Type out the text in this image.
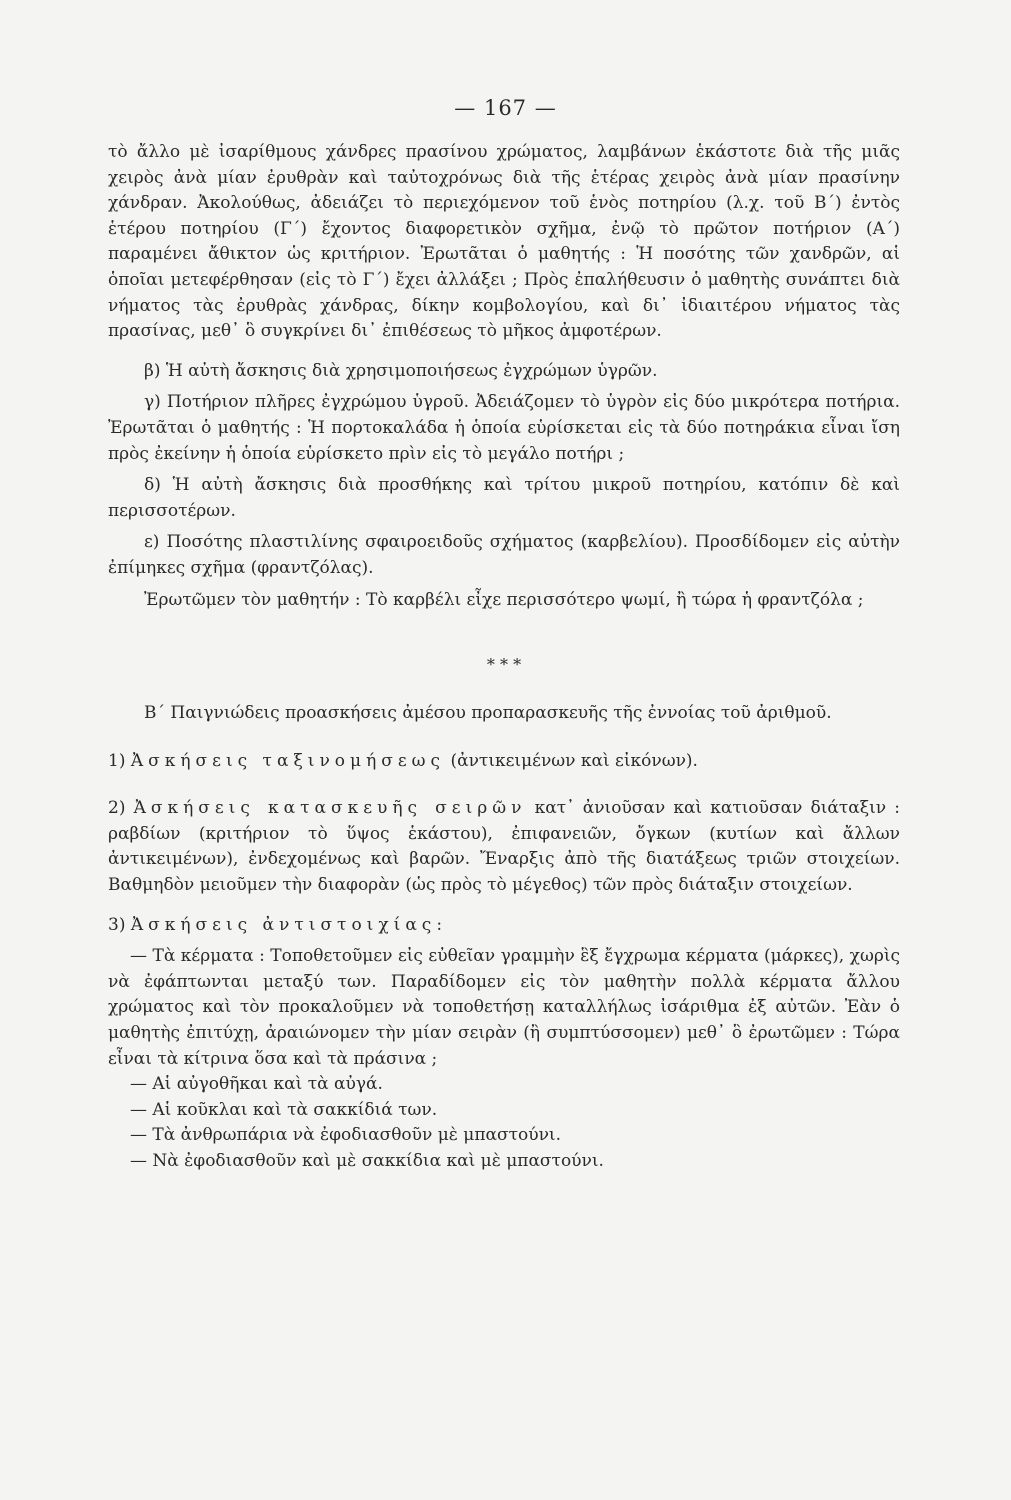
— 167 —

τὸ ἄλλο μὲ ἰσαρίθμους χάνδρες πρασίνου χρώματος, λαμβάνων ἑκάστοτε διὰ τῆς μιᾶς χειρὸς ἀνὰ μίαν ἐρυθρὰν καὶ ταὐτοχρόνως διὰ τῆς ἑτέρας χειρὸς ἀνὰ μίαν πρασίνην χάνδραν. Ἀκολούθως, ἀδειάζει τὸ περιεχόμενον τοῦ ἑνὸς ποτηρίου (λ.χ. τοῦ Β΄) ἐντὸς ἑτέρου ποτηρίου (Γ΄) ἔχοντος διαφορετικὸν σχῆμα, ἐνῷ τὸ πρῶτον ποτήριον (Α΄) παραμένει ἄθικτον ὡς κριτήριον. Ἐρωτᾶται ὁ μαθητής : Ἡ ποσότης τῶν χανδρῶν, αἱ ὁποῖαι μετεφέρθησαν (εἰς τὸ Γ΄) ἔχει ἀλλάξει ; Πρὸς ἐπαλήθευσιν ὁ μαθητὴς συνάπτει διὰ νήματος τὰς ἐρυθρὰς χάνδρας, δίκην κομβολογίου, καὶ δι᾽ ἰδιαιτέρου νήματος τὰς πρασίνας, μεθ᾽ ὃ συγκρίνει δι᾽ ἐπιθέσεως τὸ μῆκος ἀμφοτέρων.

β) Ἡ αὐτὴ ἄσκησις διὰ χρησιμοποιήσεως ἐγχρώμων ὑγρῶν.

γ) Ποτήριον πλῆρες ἐγχρώμου ὑγροῦ. Ἀδειάζομεν τὸ ὑγρὸν εἰς δύο μικρότερα ποτήρια. Ἐρωτᾶται ὁ μαθητής : Ἡ πορτοκαλάδα ἡ ὁποία εὑρίσκεται εἰς τὰ δύο ποτηράκια εἶναι ἴση πρὸς ἐκείνην ἡ ὁποία εὑρίσκετο πρὶν εἰς τὸ μεγάλο ποτήρι ;

δ) Ἡ αὐτὴ ἄσκησις διὰ προσθήκης καὶ τρίτου μικροῦ ποτηρίου, κατόπιν δὲ καὶ περισσοτέρων.

ε) Ποσότης πλαστιλίνης σφαιροειδοῦς σχήματος (καρβελίου). Προσδίδομεν εἰς αὐτὴν ἐπίμηκες σχῆμα (φραντζόλας).

Ἐρωτῶμεν τὸν μαθητήν : Τὸ καρβέλι εἶχε περισσότερο ψωμί, ἢ τώρα ἡ φραντζόλα ;

* * *

Β΄ Παιγνιώδεις προασκήσεις ἀμέσου προπαρασκευῆς τῆς ἐννοίας τοῦ ἀριθμοῦ.

1) Ἀσκήσεις ταξινομήσεως (ἀντικειμένων καὶ εἰκόνων).

2) Ἀσκήσεις κατασκευῆς σειρῶν κατ᾽ ἀνιοῦσαν καὶ κατιοῦσαν διάταξιν : ραβδίων (κριτήριον τὸ ὕψος ἑκάστου), ἐπιφανειῶν, ὄγκων (κυτίων καὶ ἄλλων ἀντικειμένων), ἐνδεχομένως καὶ βαρῶν. Ἔναρξις ἀπὸ τῆς διατάξεως τριῶν στοιχείων. Βαθμηδὸν μειοῦμεν τὴν διαφορὰν (ὡς πρὸς τὸ μέγεθος) τῶν πρὸς διάταξιν στοιχείων.

3) Ἀσκήσεις ἀντιστοιχίας:

— Τὰ κέρματα : Τοποθετοῦμεν εἰς εὐθεῖαν γραμμὴν ἓξ ἔγχρωμα κέρματα (μάρκες), χωρὶς νὰ ἐφάπτωνται μεταξύ των. Παραδίδομεν εἰς τὸν μαθητὴν πολλὰ κέρματα ἄλλου χρώματος καὶ τὸν προκαλοῦμεν νὰ τοποθετήσῃ καταλλήλως ἰσάριθμα ἐξ αὐτῶν. Ἐὰν ὁ μαθητὴς ἐπιτύχῃ, ἀραιώνομεν τὴν μίαν σειρὰν (ἢ συμπτύσσομεν) μεθ᾽ ὃ ἐρωτῶμεν : Τώρα εἶναι τὰ κίτρινα ὅσα καὶ τὰ πράσινα ;

— Αἱ αὐγοθῆκαι καὶ τὰ αὐγά.

— Αἱ κοῦκλαι καὶ τὰ σακκίδιά των.

— Τὰ ἀνθρωπάρια νὰ ἐφοδιασθοῦν μὲ μπαστούνι.

— Νὰ ἐφοδιασθοῦν καὶ μὲ σακκίδια καὶ μὲ μπαστούνι.
